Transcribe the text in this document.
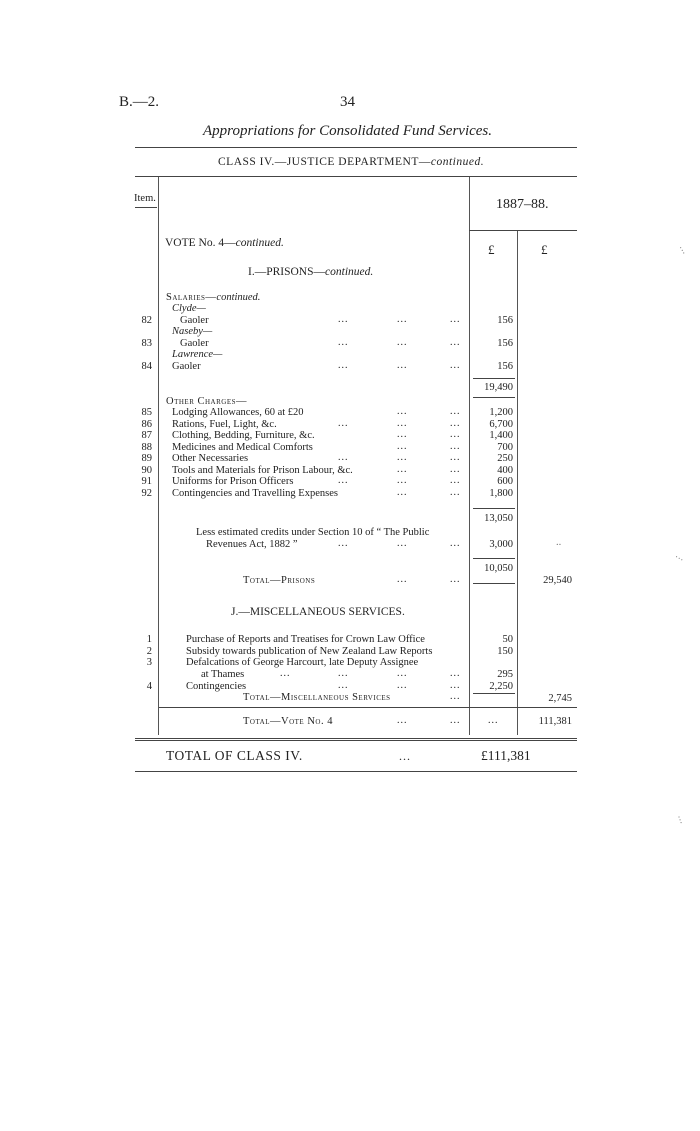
B.—2.	34
Appropriations for Consolidated Fund Services.
CLASS IV.—JUSTICE DEPARTMENT—continued.
Item.	1887–88.
£	£
VOTE No. 4—continued.
I.—PRISONS—continued.
Salaries—continued.
Clyde—
82	Gaoler	...	...	...	156
Naseby—
83	Gaoler	...	...	...	156
Lawrence—
84 Gaoler	...	...	...	156
19,490
Other Charges—
85 Lodging Allowances, 60 at £20	...	...	1,200
86 Rations, Fuel, Light, &c.	...	...	...	6,700
87 Clothing, Bedding, Furniture, &c.	...	...	1,400
88 Medicines and Medical Comforts	...	...	700
89 Other Necessaries	...	...	...	250
90 Tools and Materials for Prison Labour, &c.	...	...	400
91 Uniforms for Prison Officers	...	...	...	600
92 Contingencies and Travelling Expenses	...	...	1,800
13,050
Less estimated credits under Section 10 of “ The Public
Revenues Act, 1882 ”	...	...	...	3,000	..
10,050
Total—Prisons	...	...	29,540
J.—MISCELLANEOUS SERVICES.
1	Purchase of Reports and Treatises for Crown Law Office	50
2	Subsidy towards publication of New Zealand Law Reports	150
3	Defalcations of George Harcourt, late Deputy Assignee
at Thames	...	...	...	...	295
4	Contingencies	...	...	...	2,250
Total—Miscellaneous Services	...	2,745
Total—Vote No. 4	...	...	...	111,381
TOTAL OF CLASS IV.	...	£111,381
…
…
…
